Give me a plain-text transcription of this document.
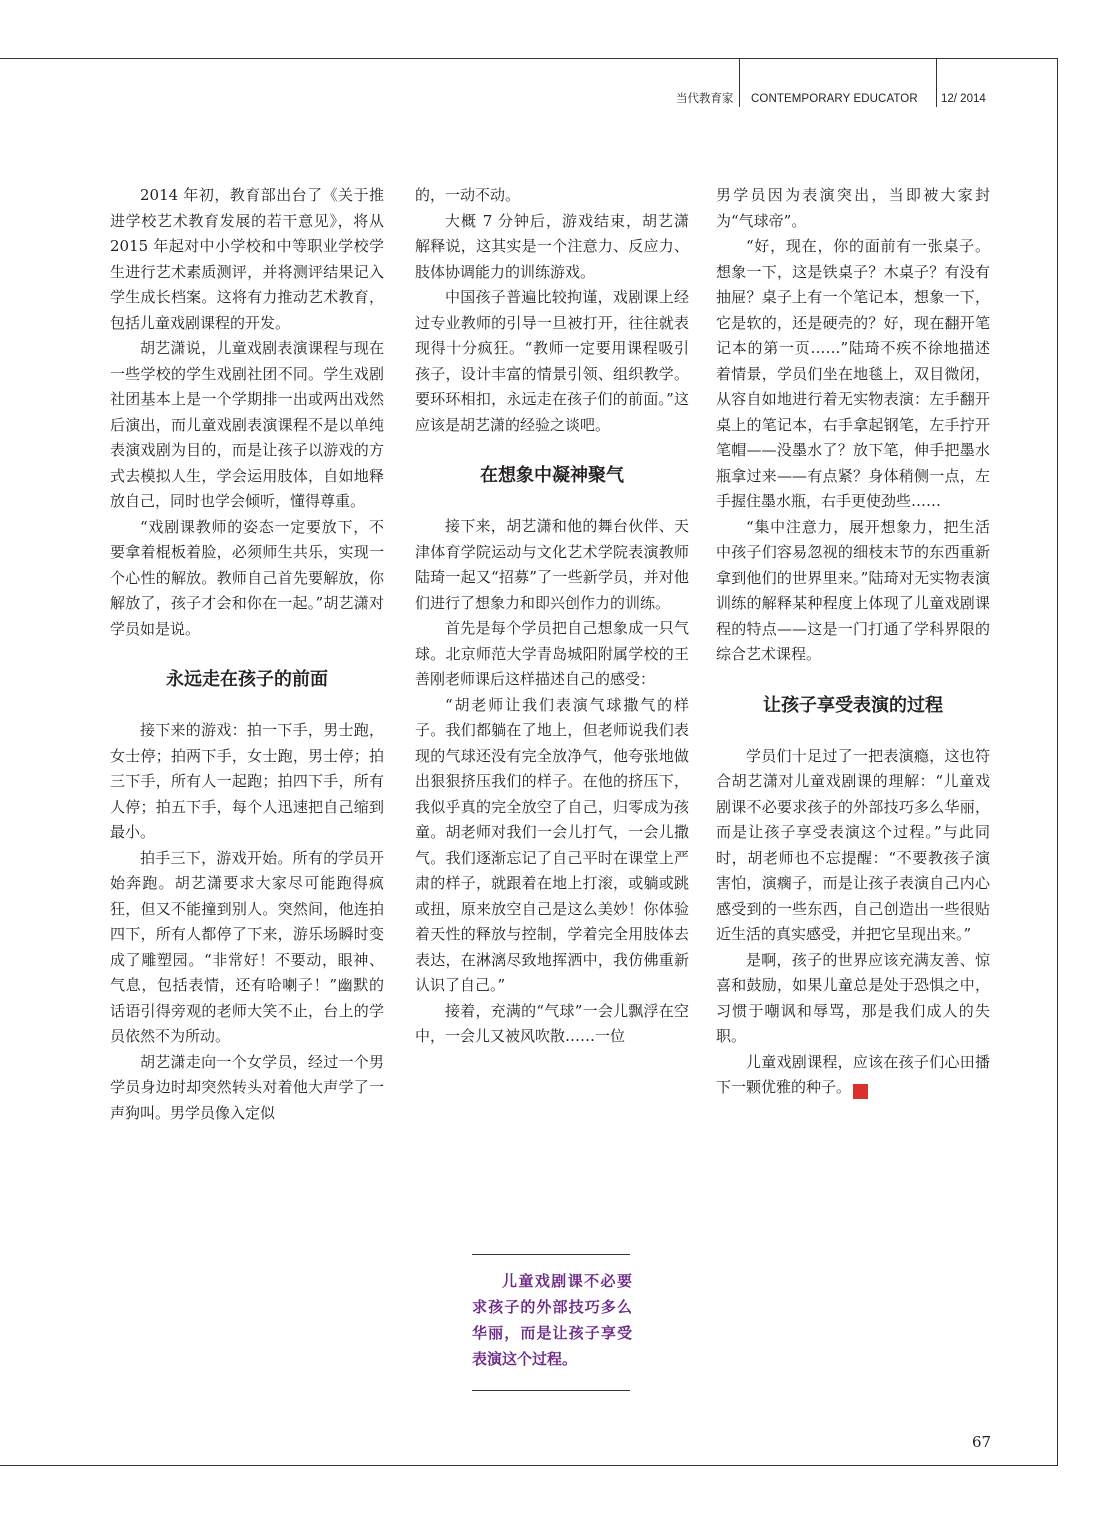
当代教育家 CONTEMPORARY EDUCATOR 12/ 2014

2014 年初，教育部出台了《关于推进学校艺术教育发展的若干意见》，将从 2015 年起对中小学校和中等职业学校学生进行艺术素质测评，并将测评结果记入学生成长档案。这将有力推动艺术教育，包括儿童戏剧课程的开发。

胡艺潇说，儿童戏剧表演课程与现在一些学校的学生戏剧社团不同。学生戏剧社团基本上是一个学期排一出或两出戏然后演出，而儿童戏剧表演课程不是以单纯表演戏剧为目的，而是让孩子以游戏的方式去模拟人生，学会运用肢体，自如地释放自己，同时也学会倾听，懂得尊重。

“戏剧课教师的姿态一定要放下，不要拿着棍板着脸，必须师生共乐，实现一个心性的解放。教师自己首先要解放，你解放了，孩子才会和你在一起。”胡艺潇对学员如是说。

永远走在孩子的前面

接下来的游戏：拍一下手，男士跑，女士停；拍两下手，女士跑，男士停；拍三下手，所有人一起跑；拍四下手，所有人停；拍五下手，每个人迅速把自己缩到最小。

拍手三下，游戏开始。所有的学员开始奔跑。胡艺潇要求大家尽可能跑得疯狂，但又不能撞到别人。突然间，他连拍四下，所有人都停了下来，游乐场瞬时变成了雕塑园。“非常好！不要动，眼神、气息，包括表情，还有哈喇子！”幽默的话语引得旁观的老师大笑不止，台上的学员依然不为所动。

胡艺潇走向一个女学员，经过一个男学员身边时却突然转头对着他大声学了一声狗叫。男学员像入定似

的，一动不动。

大概 7 分钟后，游戏结束，胡艺潇解释说，这其实是一个注意力、反应力、肢体协调能力的训练游戏。

中国孩子普遍比较拘谨，戏剧课上经过专业教师的引导一旦被打开，往往就表现得十分疯狂。“教师一定要用课程吸引孩子，设计丰富的情景引领、组织教学。要环环相扣，永远走在孩子们的前面。”这应该是胡艺潇的经验之谈吧。

在想象中凝神聚气

接下来，胡艺潇和他的舞台伙伴、天津体育学院运动与文化艺术学院表演教师陆琦一起又“招募”了一些新学员，并对他们进行了想象力和即兴创作力的训练。

首先是每个学员把自己想象成一只气球。北京师范大学青岛城阳附属学校的王善刚老师课后这样描述自己的感受：

“胡老师让我们表演气球撒气的样子。我们都躺在了地上，但老师说我们表现的气球还没有完全放净气，他夸张地做出狠狠挤压我们的样子。在他的挤压下，我似乎真的完全放空了自己，归零成为孩童。胡老师对我们一会儿打气，一会儿撒气。我们逐渐忘记了自己平时在课堂上严肃的样子，就跟着在地上打滚，或躺或跳或扭，原来放空自己是这么美妙！你体验着天性的释放与控制，学着完全用肢体去表达，在淋漓尽致地挥洒中，我仿佛重新认识了自己。”

接着，充满的“气球”一会儿飘浮在空中，一会儿又被风吹散……一位

男学员因为表演突出，当即被大家封为“气球帝”。

“好，现在，你的面前有一张桌子。想象一下，这是铁桌子？木桌子？有没有抽屉？桌子上有一个笔记本，想象一下，它是软的，还是硬壳的？好，现在翻开笔记本的第一页……”陆琦不疾不徐地描述着情景，学员们坐在地毯上，双目微闭，从容自如地进行着无实物表演：左手翻开桌上的笔记本，右手拿起钢笔，左手拧开笔帽——没墨水了？放下笔，伸手把墨水瓶拿过来——有点紧？身体稍侧一点，左手握住墨水瓶，右手更使劲些……

“集中注意力，展开想象力，把生活中孩子们容易忽视的细枝末节的东西重新拿到他们的世界里来。”陆琦对无实物表演训练的解释某种程度上体现了儿童戏剧课程的特点——这是一门打通了学科界限的综合艺术课程。

让孩子享受表演的过程

学员们十足过了一把表演瘾，这也符合胡艺潇对儿童戏剧课的理解：“儿童戏剧课不必要求孩子的外部技巧多么华丽，而是让孩子享受表演这个过程。”与此同时，胡老师也不忘提醒：“不要教孩子演害怕，演瘸子，而是让孩子表演自己内心感受到的一些东西，自己创造出一些很贴近生活的真实感受，并把它呈现出来。”

是啊，孩子的世界应该充满友善、惊喜和鼓励，如果儿童总是处于恐惧之中，习惯于嘲讽和辱骂，那是我们成人的失职。

儿童戏剧课程，应该在孩子们心田播下一颗优雅的种子。	家

儿童戏剧课不必要求孩子的外部技巧多么华丽，而是让孩子享受表演这个过程。

67
